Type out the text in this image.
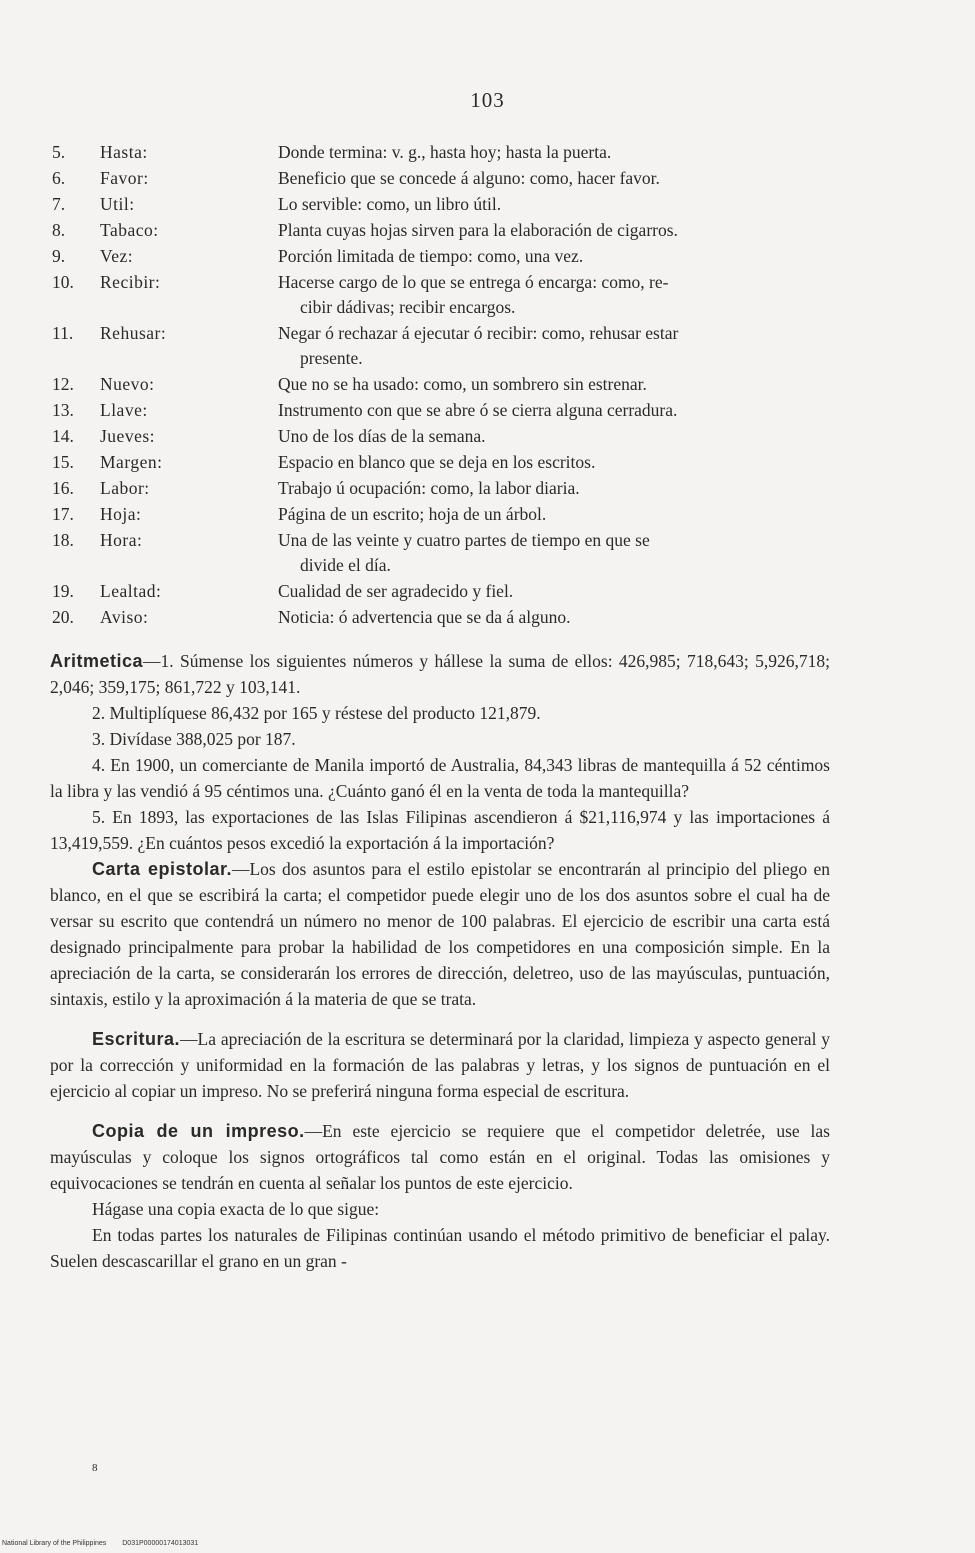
103
5.	Hasta:	Donde termina: v. g., hasta hoy; hasta la puerta.
6.	Favor:	Beneficio que se concede á alguno: como, hacer favor.
7.	Util:	Lo servible: como, un libro útil.
8.	Tabaco:	Planta cuyas hojas sirven para la elaboración de cigarros.
9.	Vez:	Porción limitada de tiempo: como, una vez.
10.	Recibir:	Hacerse cargo de lo que se entrega ó encarga: como, re-
cibir dádivas; recibir encargos.
11.	Rehusar:	Negar ó rechazar á ejecutar ó recibir: como, rehusar estar
presente.
12.	Nuevo:	Que no se ha usado: como, un sombrero sin estrenar.
13.	Llave:	Instrumento con que se abre ó se cierra alguna cerradura.
14.	Jueves:	Uno de los días de la semana.
15.	Margen:	Espacio en blanco que se deja en los escritos.
16.	Labor:	Trabajo ú ocupación: como, la labor diaria.
17.	Hoja:	Página de un escrito; hoja de un árbol.
18.	Hora:	Una de las veinte y cuatro partes de tiempo en que se
divide el día.
19.	Lealtad:	Cualidad de ser agradecido y fiel.
20.	Aviso:	Noticia: ó advertencia que se da á alguno.

Aritmetica—1. Súmense los siguientes números y hállese la suma de ellos: 426,985; 718,643; 5,926,718; 2,046; 359,175; 861,722 y 103,141.

2. Multiplíquese 86,432 por 165 y réstese del producto 121,879.

3. Divídase 388,025 por 187.

4. En 1900, un comerciante de Manila importó de Australia, 84,343 libras de mantequilla á 52 céntimos la libra y las vendió á 95 céntimos una. ¿Cuánto ganó él en la venta de toda la mantequilla?

5. En 1893, las exportaciones de las Islas Filipinas ascendieron á $21,116,974 y las importaciones á 13,419,559. ¿En cuántos pesos excedió la exportación á la importación?

Carta epistolar.—Los dos asuntos para el estilo epistolar se encontrarán al principio del pliego en blanco, en el que se escribirá la carta; el competidor puede elegir uno de los dos asuntos sobre el cual ha de versar su escrito que contendrá un número no menor de 100 palabras. El ejercicio de escribir una carta está designado principalmente para probar la habilidad de los competidores en una composición simple. En la apreciación de la carta, se considerarán los errores de dirección, deletreo, uso de las mayúsculas, puntuación, sintaxis, estilo y la aproximación á la materia de que se trata.

Escritura.—La apreciación de la escritura se determinará por la claridad, limpieza y aspecto general y por la corrección y uniformidad en la formación de las palabras y letras, y los signos de puntuación en el ejercicio al copiar un impreso. No se preferirá ninguna forma especial de escritura.

Copia de un impreso.—En este ejercicio se requiere que el competidor deletrée, use las mayúsculas y coloque los signos ortográficos tal como están en el original. Todas las omisiones y equivocaciones se tendrán en cuenta al señalar los puntos de este ejercicio.

Hágase una copia exacta de lo que sigue:

En todas partes los naturales de Filipinas continúan usando el método primitivo de beneficiar el palay. Suelen descascarillar el grano en un gran -

8
National Library of the Philippines D031P00000174013031
